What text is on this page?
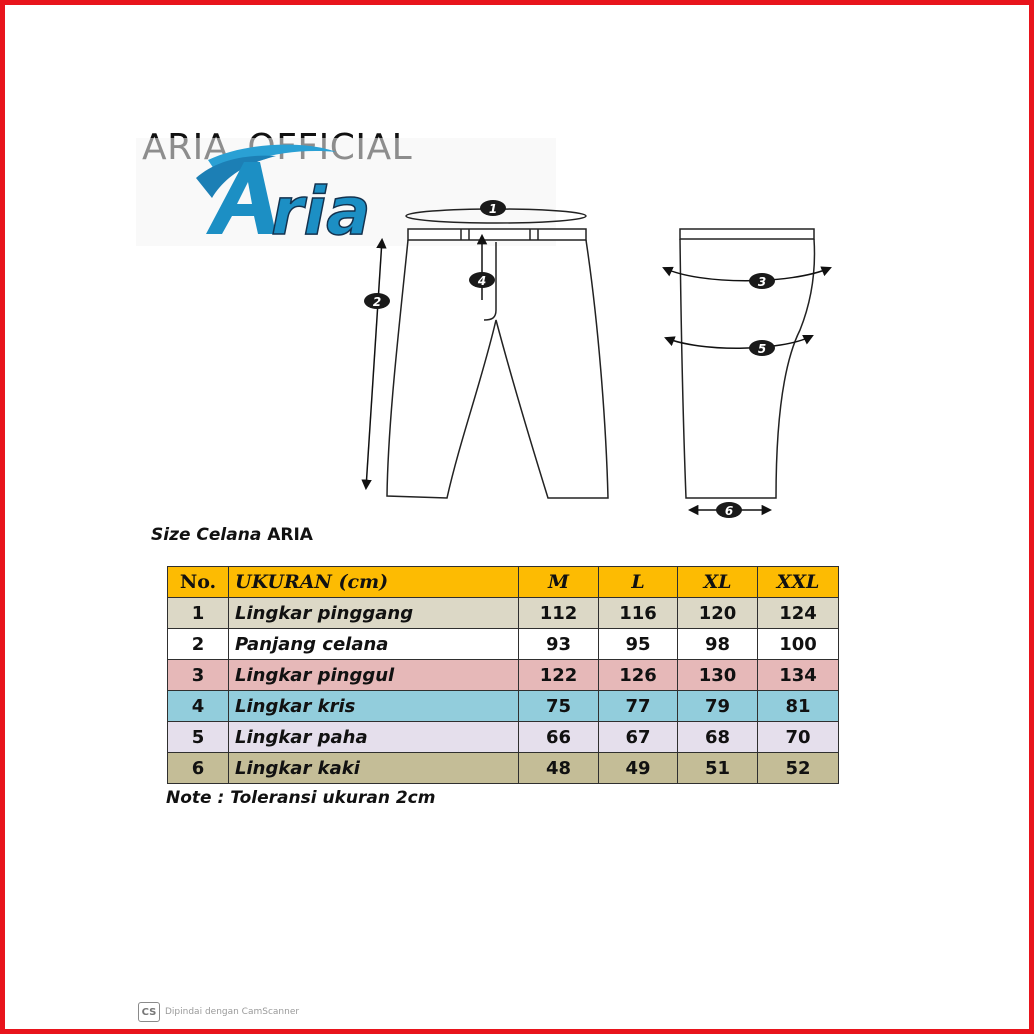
ria	1
2
3
4
5
6
Size Celana ARIA
No.	UKURAN (cm)	M	L	XL	XXL
1	Lingkar pinggang	112	116	120	124
2	Panjang celana	93	95	98	100
3	Lingkar pinggul	122	126	130	134
4	Lingkar kris	75	77	79	81
5	Lingkar paha	66	67	68	70
6	Lingkar kaki	48	49	51	52
Note : Toleransi ukuran 2cm
CS Dipindai dengan CamScanner
